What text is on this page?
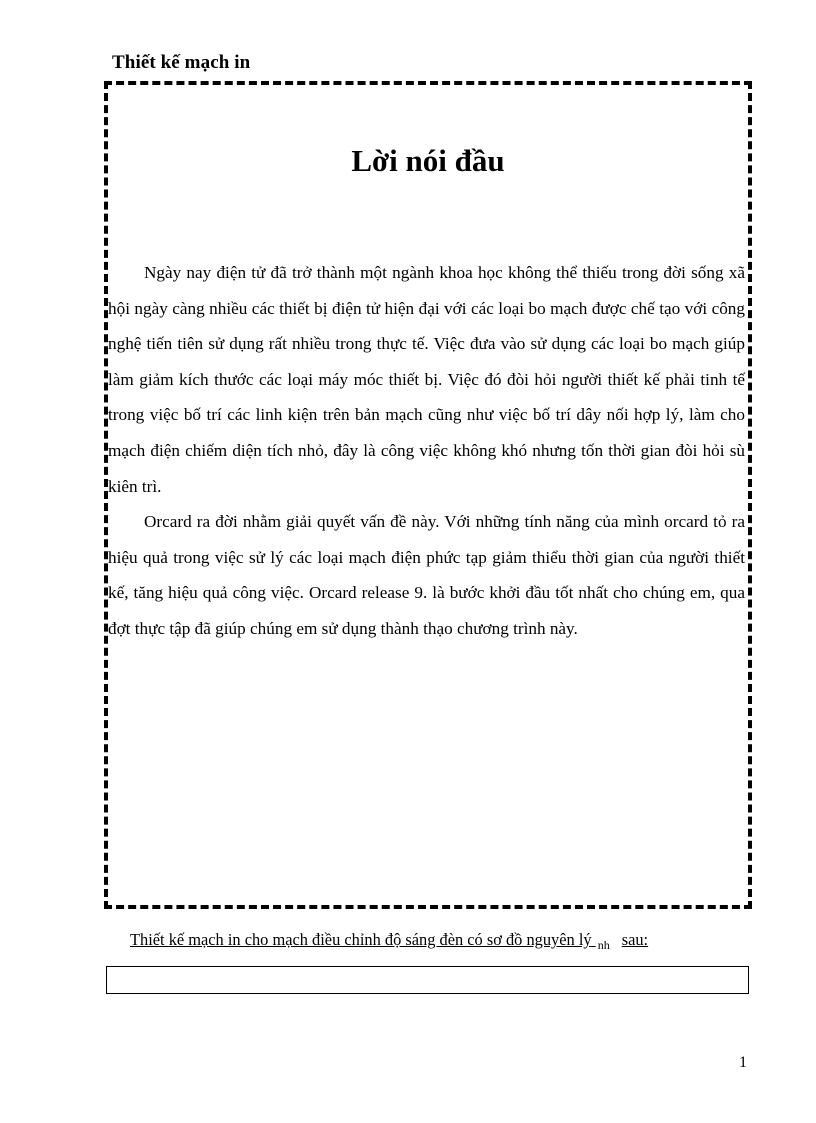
Thiết kế mạch in
Lời nói đầu

Ngày nay điện tử đã trở thành một ngành khoa học không thể thiếu trong đời sống xã hội ngày càng nhiều các thiết bị điện tử hiện đại với các loại bo mạch được chế tạo với công nghệ tiến tiên sử dụng rất nhiều trong thực tế. Việc đưa vào sử dụng các loại bo mạch giúp làm giảm kích thước các loại máy móc thiết bị. Việc đó đòi hỏi người thiết kế phải tinh tế trong việc bố trí các linh kiện trên bản mạch cũng như việc bố trí dây nối hợp lý, làm cho mạch điện chiếm diện tích nhỏ, đây là công việc không khó nhưng tốn thời gian đòi hỏi sù kiên trì.

Orcard ra đời nhằm giải quyết vấn đề này. Với những tính năng của mình orcard tỏ ra hiệu quả trong việc sử lý các loại mạch điện phức tạp giảm thiểu thời gian của người thiết kế, tăng hiệu quả công việc. Orcard release 9. là bước khởi đầu tốt nhất cho chúng em, qua đợt thực tập đã giúp chúng em sử dụng thành thạo chương trình này.

Thiết kế mạch in cho mạch điều chỉnh độ sáng đèn có sơ đồ nguyên lý $_{nh}$ sau:

1
